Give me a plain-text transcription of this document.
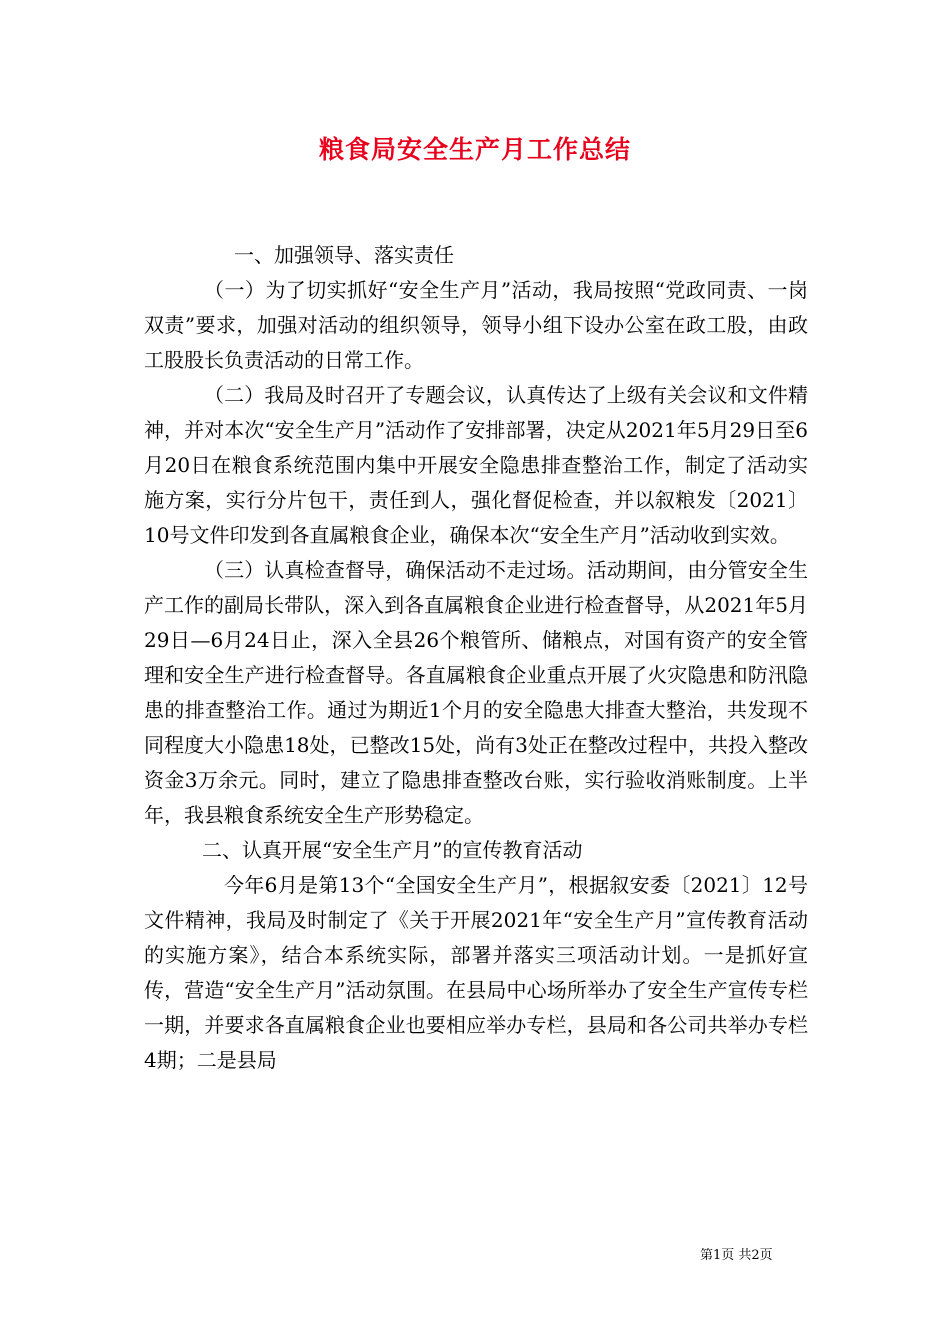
粮食局安全生产月工作总结

一、加强领导、落实责任

（一）为了切实抓好“安全生产月”活动，我局按照“党政同责、一岗双责”要求，加强对活动的组织领导，领导小组下设办公室在政工股，由政工股股长负责活动的日常工作。

（二）我局及时召开了专题会议，认真传达了上级有关会议和文件精神，并对本次“安全生产月”活动作了安排部署，决定从2021年5月29日至6月20日在粮食系统范围内集中开展安全隐患排查整治工作，制定了活动实施方案，实行分片包干，责任到人，强化督促检查，并以叙粮发〔2021〕10号文件印发到各直属粮食企业，确保本次“安全生产月”活动收到实效。

（三）认真检查督导，确保活动不走过场。活动期间，由分管安全生产工作的副局长带队，深入到各直属粮食企业进行检查督导，从2021年5月29日—6月24日止，深入全县26个粮管所、储粮点，对国有资产的安全管理和安全生产进行检查督导。各直属粮食企业重点开展了火灾隐患和防汛隐患的排查整治工作。通过为期近1个月的安全隐患大排查大整治，共发现不同程度大小隐患18处，已整改15处，尚有3处正在整改过程中，共投入整改资金3万余元。同时，建立了隐患排查整改台账，实行验收消账制度。上半年，我县粮食系统安全生产形势稳定。

二、认真开展“安全生产月”的宣传教育活动

今年6月是第13个“全国安全生产月”，根据叙安委〔2021〕12号文件精神，我局及时制定了《关于开展2021年“安全生产月”宣传教育活动的实施方案》，结合本系统实际，部署并落实三项活动计划。一是抓好宣传，营造“安全生产月”活动氛围。在县局中心场所举办了安全生产宣传专栏一期，并要求各直属粮食企业也要相应举办专栏，县局和各公司共举办专栏4期；二是县局

第1页 共2页
